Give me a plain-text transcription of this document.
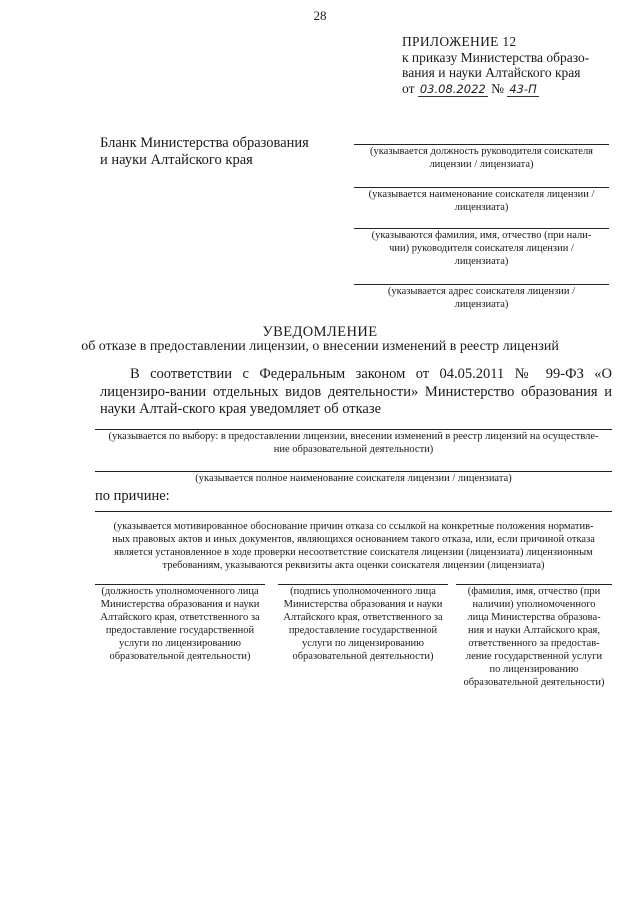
28
ПРИЛОЖЕНИЕ 12
к приказу Министерства образо-
вания и науки Алтайского края
от 03.08.2022 № 43-П
Бланк Министерства образования
и науки Алтайского края
(указывается должность руководителя соискателя
лицензии / лицензиата)
(указывается наименование соискателя лицензии /
лицензиата)
(указываются фамилия, имя, отчество (при нали-
чии) руководителя соискателя лицензии /
лицензиата)
(указывается адрес соискателя лицензии /
лицензиата)
УВЕДОМЛЕНИЕ
об отказе в предоставлении лицензии, о внесении изменений в реестр лицензий
В соответствии с Федеральным законом от 04.05.2011 № 99-ФЗ «О лицензиро-вании отдельных видов деятельности» Министерство образования и науки Алтай-ского края уведомляет об отказе
(указывается по выбору: в предоставлении лицензии, внесении изменений в реестр лицензий на осуществле-
ние образовательной деятельности)
(указывается полное наименование соискателя лицензии / лицензиата)
по причине:
(указывается мотивированное обоснование причин отказа со ссылкой на конкретные положения норматив-
ных правовых актов и иных документов, являющихся основанием такого отказа, или, если причиной отказа
является установленное в ходе проверки несоответствие соискателя лицензии (лицензиата) лицензионным
требованиям, указываются реквизиты акта оценки соискателя лицензии (лицензиата)
(должность уполномоченного лица
Министерства образования и науки
Алтайского края, ответственного за
предоставление государственной
услуги по лицензированию
образовательной деятельности)
(подпись уполномоченного лица
Министерства образования и науки
Алтайского края, ответственного за
предоставление государственной
услуги по лицензированию
образовательной деятельности)
(фамилия, имя, отчество (при
наличии) уполномоченного
лица Министерства образова-
ния и науки Алтайского края,
ответственного за предостав-
ление государственной услуги
по лицензированию
образовательной деятельности)
